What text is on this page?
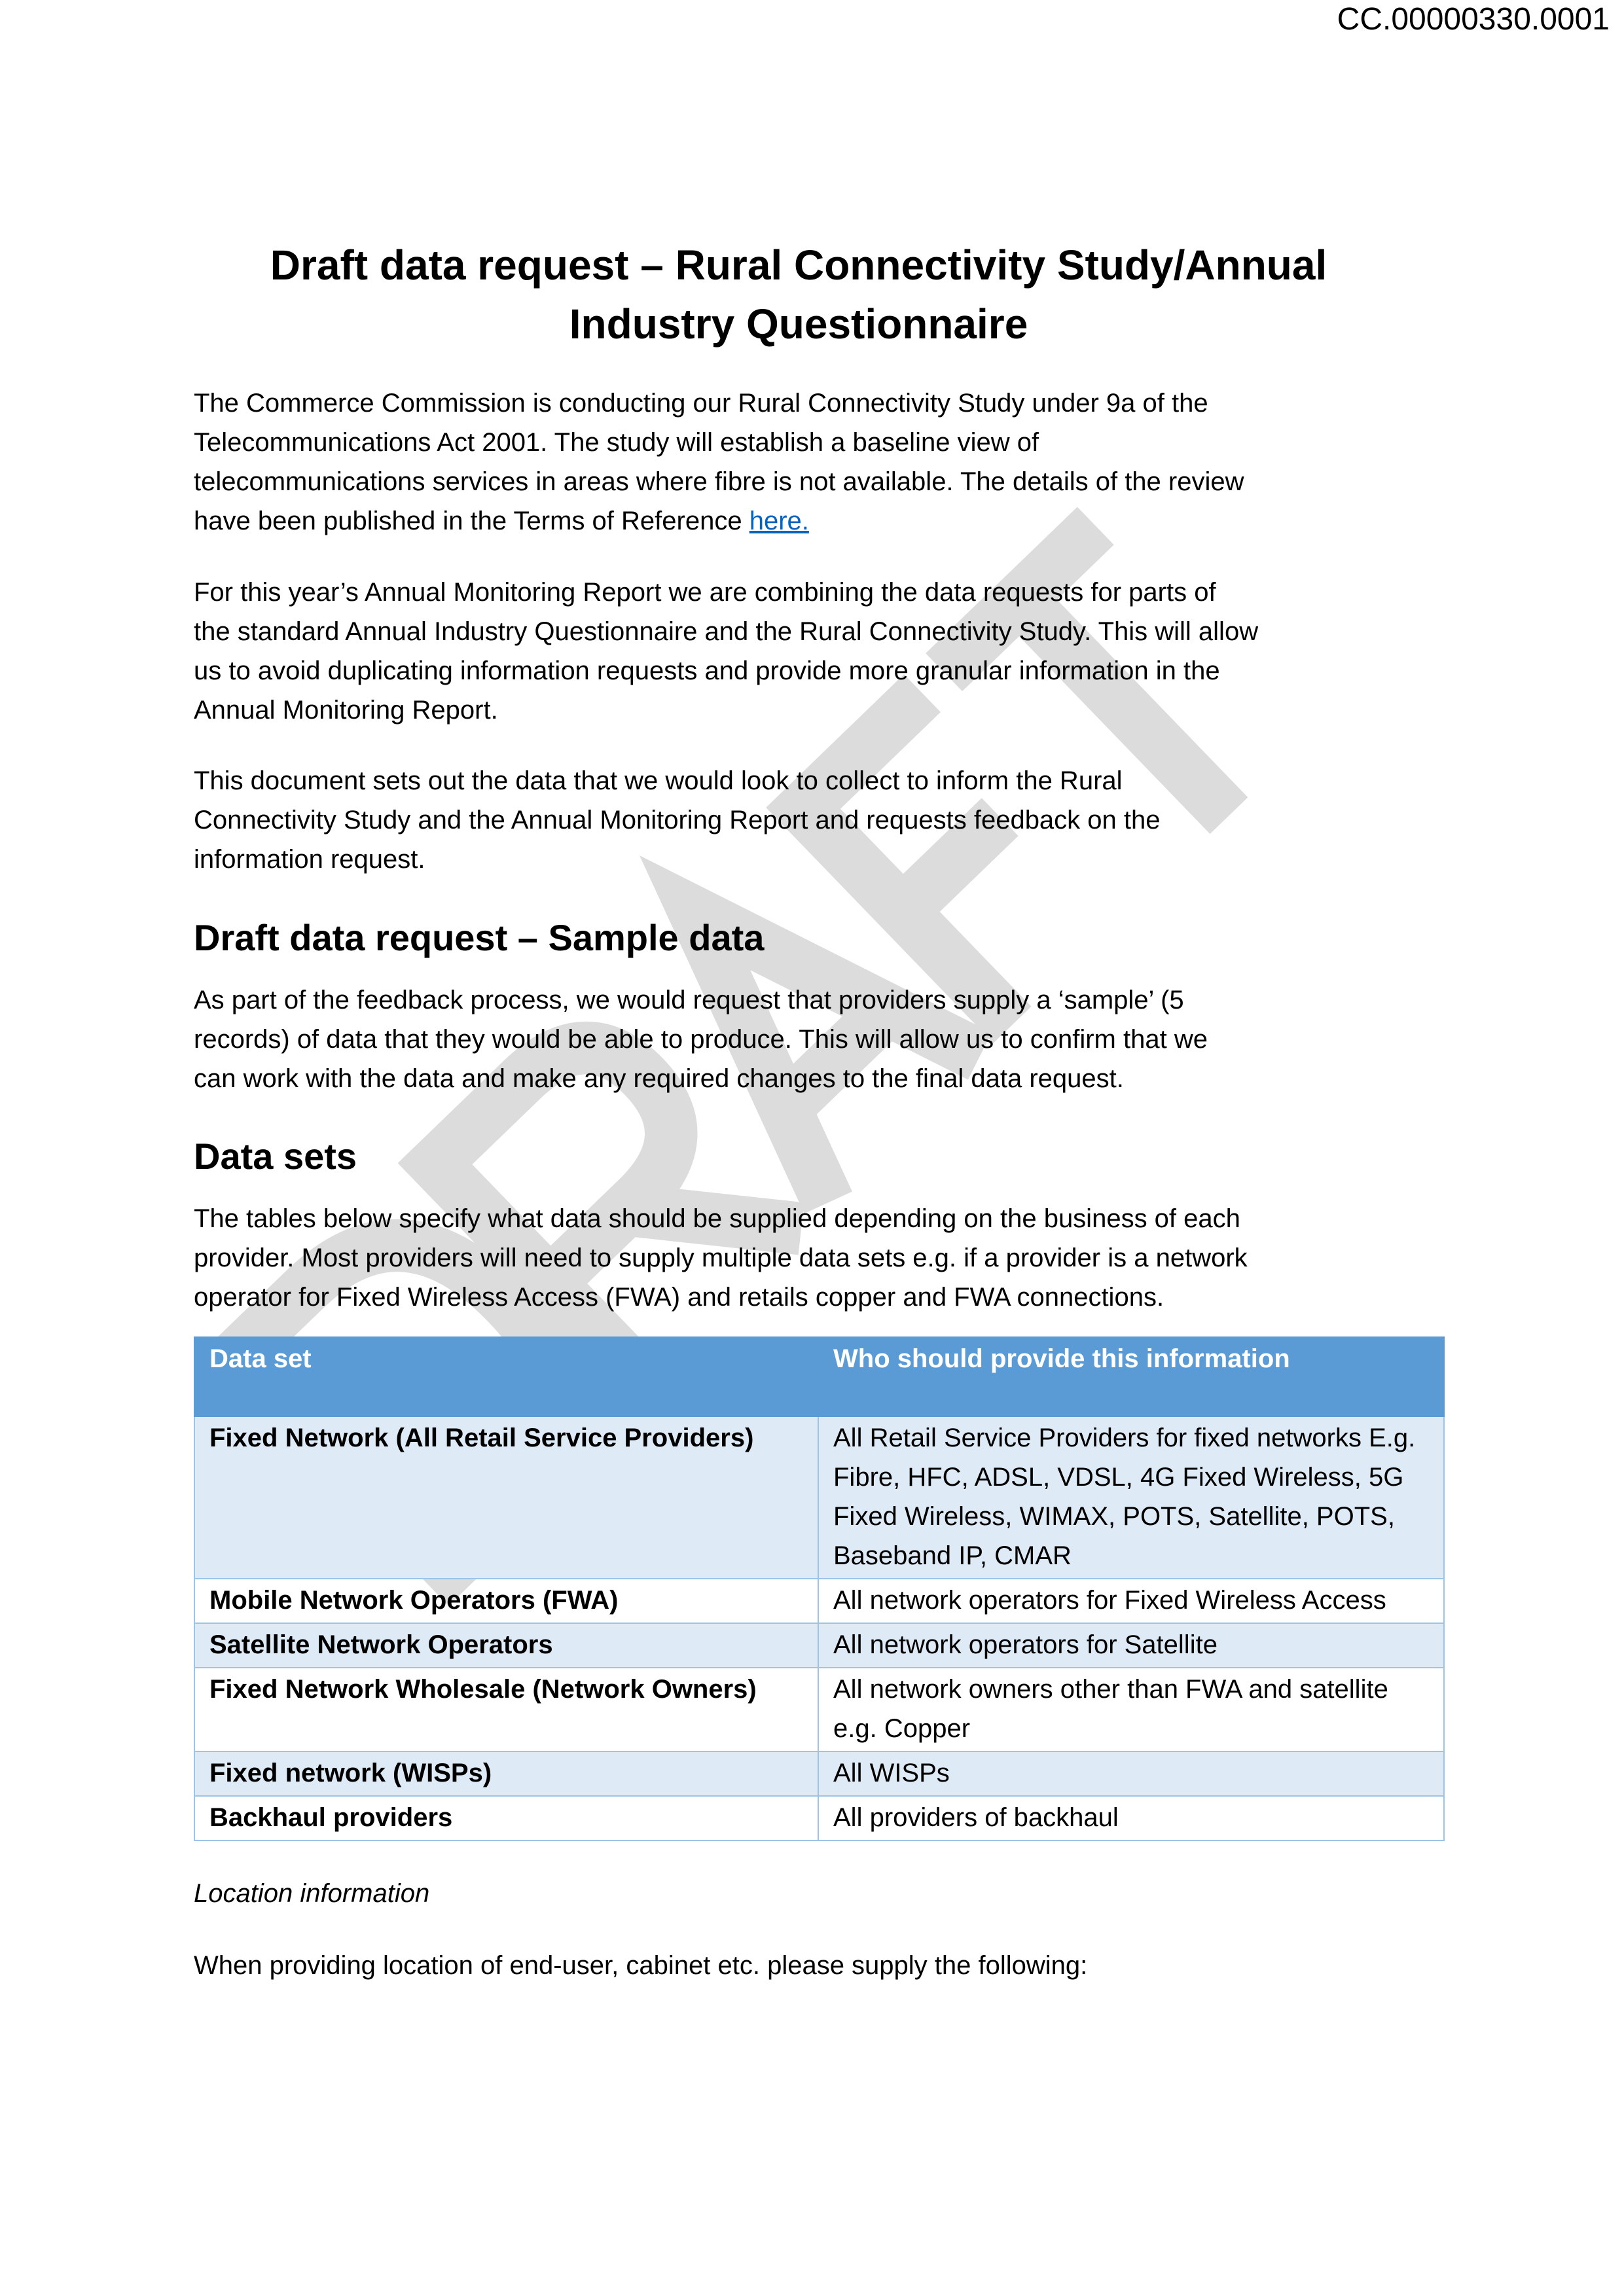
CC.00000330.0001
Draft data request – Rural Connectivity Study/Annual
Industry Questionnaire
The Commerce Commission is conducting our Rural Connectivity Study under 9a of the
Telecommunications Act 2001. The study will establish a baseline view of
telecommunications services in areas where fibre is not available. The details of the review
have been published in the Terms of Reference here.
For this year’s Annual Monitoring Report we are combining the data requests for parts of
the standard Annual Industry Questionnaire and the Rural Connectivity Study. This will allow
us to avoid duplicating information requests and provide more granular information in the
Annual Monitoring Report.
This document sets out the data that we would look to collect to inform the Rural
Connectivity Study and the Annual Monitoring Report and requests feedback on the
information request.
Draft data request – Sample data
As part of the feedback process, we would request that providers supply a ‘sample’ (5
records) of data that they would be able to produce. This will allow us to confirm that we
can work with the data and make any required changes to the final data request.
Data sets
The tables below specify what data should be supplied depending on the business of each
provider. Most providers will need to supply multiple data sets e.g. if a provider is a network
operator for Fixed Wireless Access (FWA) and retails copper and FWA connections.
Data set	Who should provide this information
Fixed Network (All Retail Service Providers)	All Retail Service Providers for fixed networks E.g. Fibre, HFC, ADSL, VDSL, 4G Fixed Wireless, 5G Fixed Wireless, WIMAX, POTS, Satellite, POTS, Baseband IP, CMAR
Mobile Network Operators (FWA)	All network operators for Fixed Wireless Access
Satellite Network Operators	All network operators for Satellite
Fixed Network Wholesale (Network Owners)	All network owners other than FWA and satellite e.g. Copper
Fixed network (WISPs)	All WISPs
Backhaul providers	All providers of backhaul
Location information
When providing location of end-user, cabinet etc. please supply the following:
